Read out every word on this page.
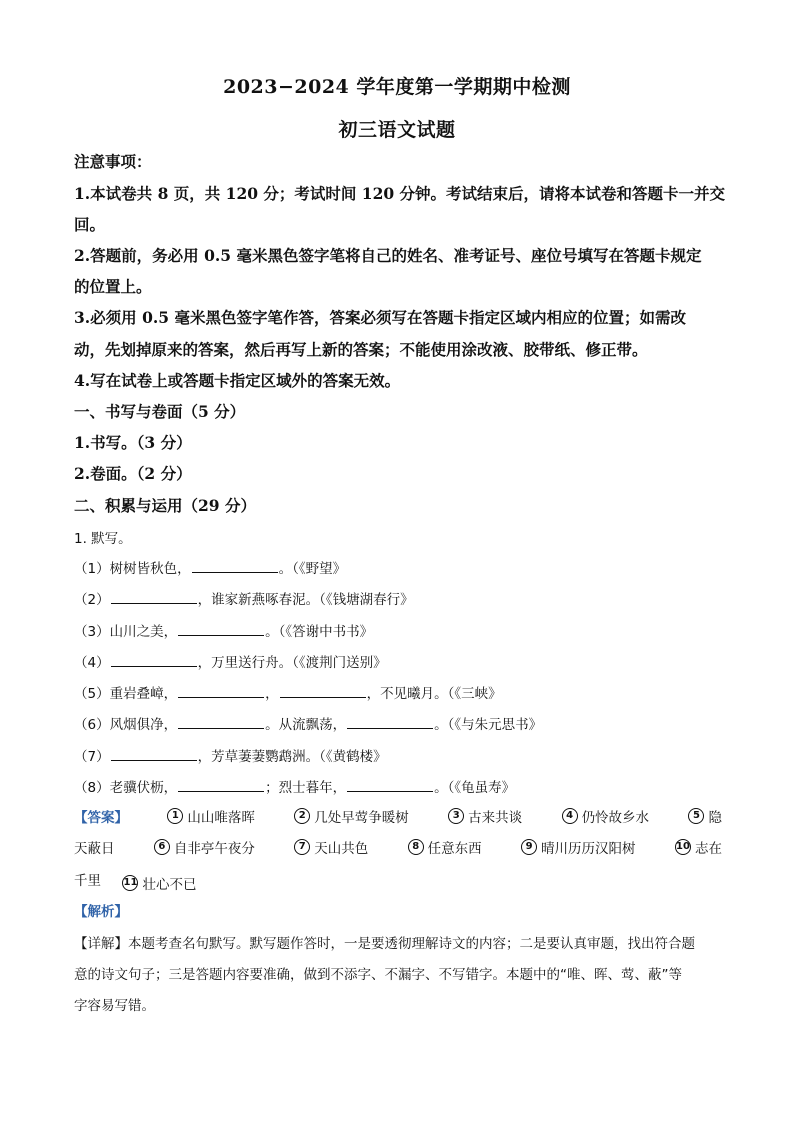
2023−2024 学年度第一学期期中检测
初三语文试题
注意事项：
1.本试卷共 8 页，共 120 分；考试时间 120 分钟。考试结束后，请将本试卷和答题卡一并交
回。
2.答题前，务必用 0.5 毫米黑色签字笔将自己的姓名、准考证号、座位号填写在答题卡规定
的位置上。
3.必须用 0.5 毫米黑色签字笔作答，答案必须写在答题卡指定区域内相应的位置；如需改
动，先划掉原来的答案，然后再写上新的答案；不能使用涂改液、胶带纸、修正带。
4.写在试卷上或答题卡指定区域外的答案无效。
一、书写与卷面（5 分）
1.书写。（3 分）
2.卷面。（2 分）
二、积累与运用（29 分）
1. 默写。
（1）树树皆秋色，	。（《野望》
（2）	，谁家新燕啄春泥。（《钱塘湖春行》
（3）山川之美，	。（《答谢中书书》
（4）	，万里送行舟。（《渡荆门送别》
（5）重岩叠嶂，	，	，不见曦月。（《三峡》
（6）风烟俱净，	。从流飘荡，	。（《与朱元思书》
（7）	，芳草萋萋鹦鹉洲。（《黄鹤楼》
（8）老骥伏枥，	；烈士暮年，	。（《龟虽寿》
【答案】	1 山山唯落晖	2 几处早莺争暖树	3 古来共谈	4 仍怜故乡水	5 隐
天蔽日	6 自非亭午夜分	7 天山共色	8 任意东西	9 晴川历历汉阳树	10 志在
千里 11 壮心不已
【解析】
【详解】本题考查名句默写。默写题作答时，一是要透彻理解诗文的内容；二是要认真审题，找出符合题
意的诗文句子；三是答题内容要准确，做到不添字、不漏字、不写错字。本题中的“唯、晖、莺、蔽”等
字容易写错。
